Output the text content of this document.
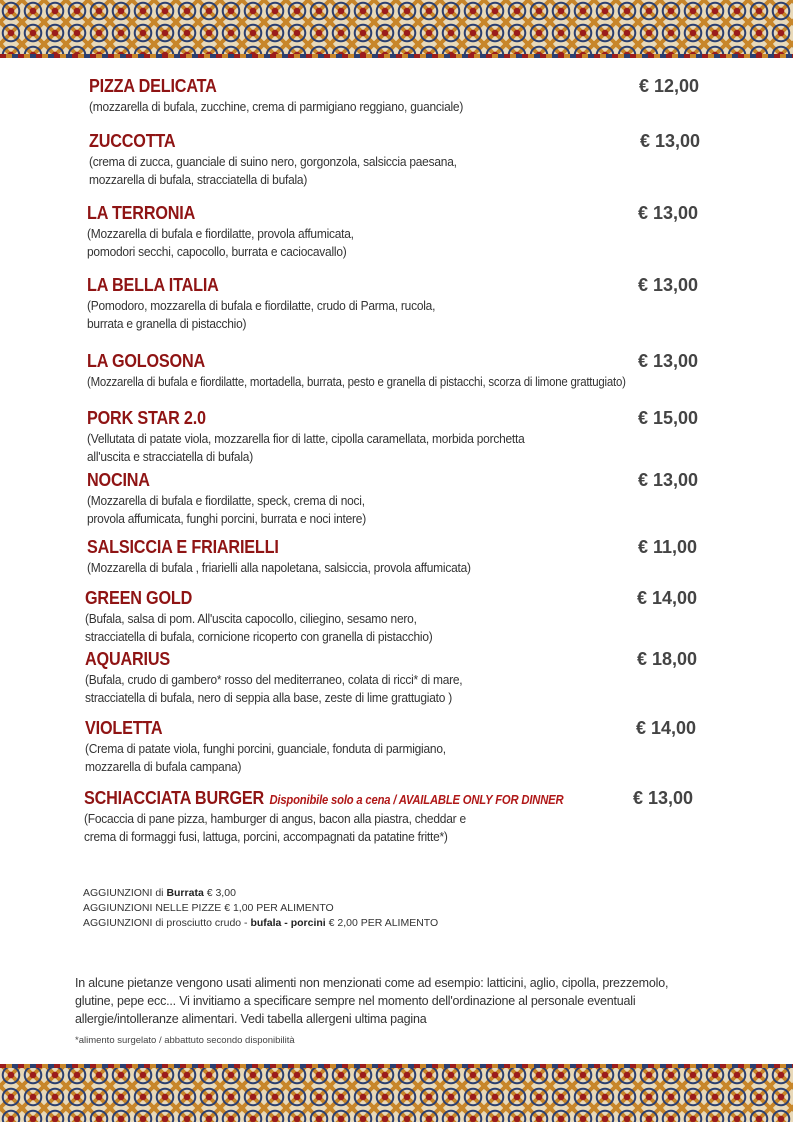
PIZZA DELICATA	€ 12,00
(mozzarella di bufala, zucchine, crema di parmigiano reggiano, guanciale)
ZUCCOTTA	€ 13,00
(crema di zucca, guanciale di suino nero, gorgonzola, salsiccia paesana,
mozzarella di bufala, stracciatella di bufala)
LA TERRONIA	€ 13,00
(Mozzarella di bufala e fiordilatte, provola affumicata,
pomodori secchi, capocollo, burrata e caciocavallo)
LA BELLA ITALIA	€ 13,00
(Pomodoro, mozzarella di bufala e fiordilatte, crudo di Parma, rucola,
burrata e granella di pistacchio)
LA GOLOSONA	€ 13,00
(Mozzarella di bufala e fiordilatte, mortadella, burrata, pesto e granella di pistacchi, scorza di limone grattugiato)
PORK STAR 2.0	€ 15,00
(Vellutata di patate viola, mozzarella fior di latte, cipolla caramellata, morbida porchetta
all'uscita e stracciatella di bufala)
NOCINA	€ 13,00
(Mozzarella di bufala e fiordilatte, speck, crema di noci,
provola affumicata, funghi porcini, burrata e noci intere)
SALSICCIA E FRIARIELLI	€ 11,00
(Mozzarella di bufala , friarielli alla napoletana, salsiccia, provola affumicata)
GREEN GOLD	€ 14,00
(Bufala, salsa di pom. All'uscita capocollo, ciliegino, sesamo nero,
stracciatella di bufala, cornicione ricoperto con granella di pistacchio)
AQUARIUS	€ 18,00
(Bufala, crudo di gambero* rosso del mediterraneo, colata di ricci* di mare,
stracciatella di bufala, nero di seppia alla base, zeste di lime grattugiato )
VIOLETTA	€ 14,00
(Crema di patate viola, funghi porcini, guanciale, fonduta di parmigiano,
mozzarella di bufala campana)
SCHIACCIATA BURGER Disponibile solo a cena / AVAILABLE ONLY FOR DINNER	€ 13,00
(Focaccia di pane pizza, hamburger di angus, bacon alla piastra, cheddar e
crema di formaggi fusi, lattuga, porcini, accompagnati da patatine fritte*)
AGGIUNZIONI di Burrata € 3,00
AGGIUNZIONI NELLE PIZZE € 1,00 PER ALIMENTO
AGGIUNZIONI di prosciutto crudo - bufala - porcini € 2,00 PER ALIMENTO
In alcune pietanze vengono usati alimenti non menzionati come ad esempio: latticini, aglio, cipolla, prezzemolo,
glutine, pepe ecc... Vi invitiamo a specificare sempre nel momento dell'ordinazione al personale eventuali
allergie/intolleranze alimentari. Vedi tabella allergeni ultima pagina
*alimento surgelato / abbattuto secondo disponibilità
